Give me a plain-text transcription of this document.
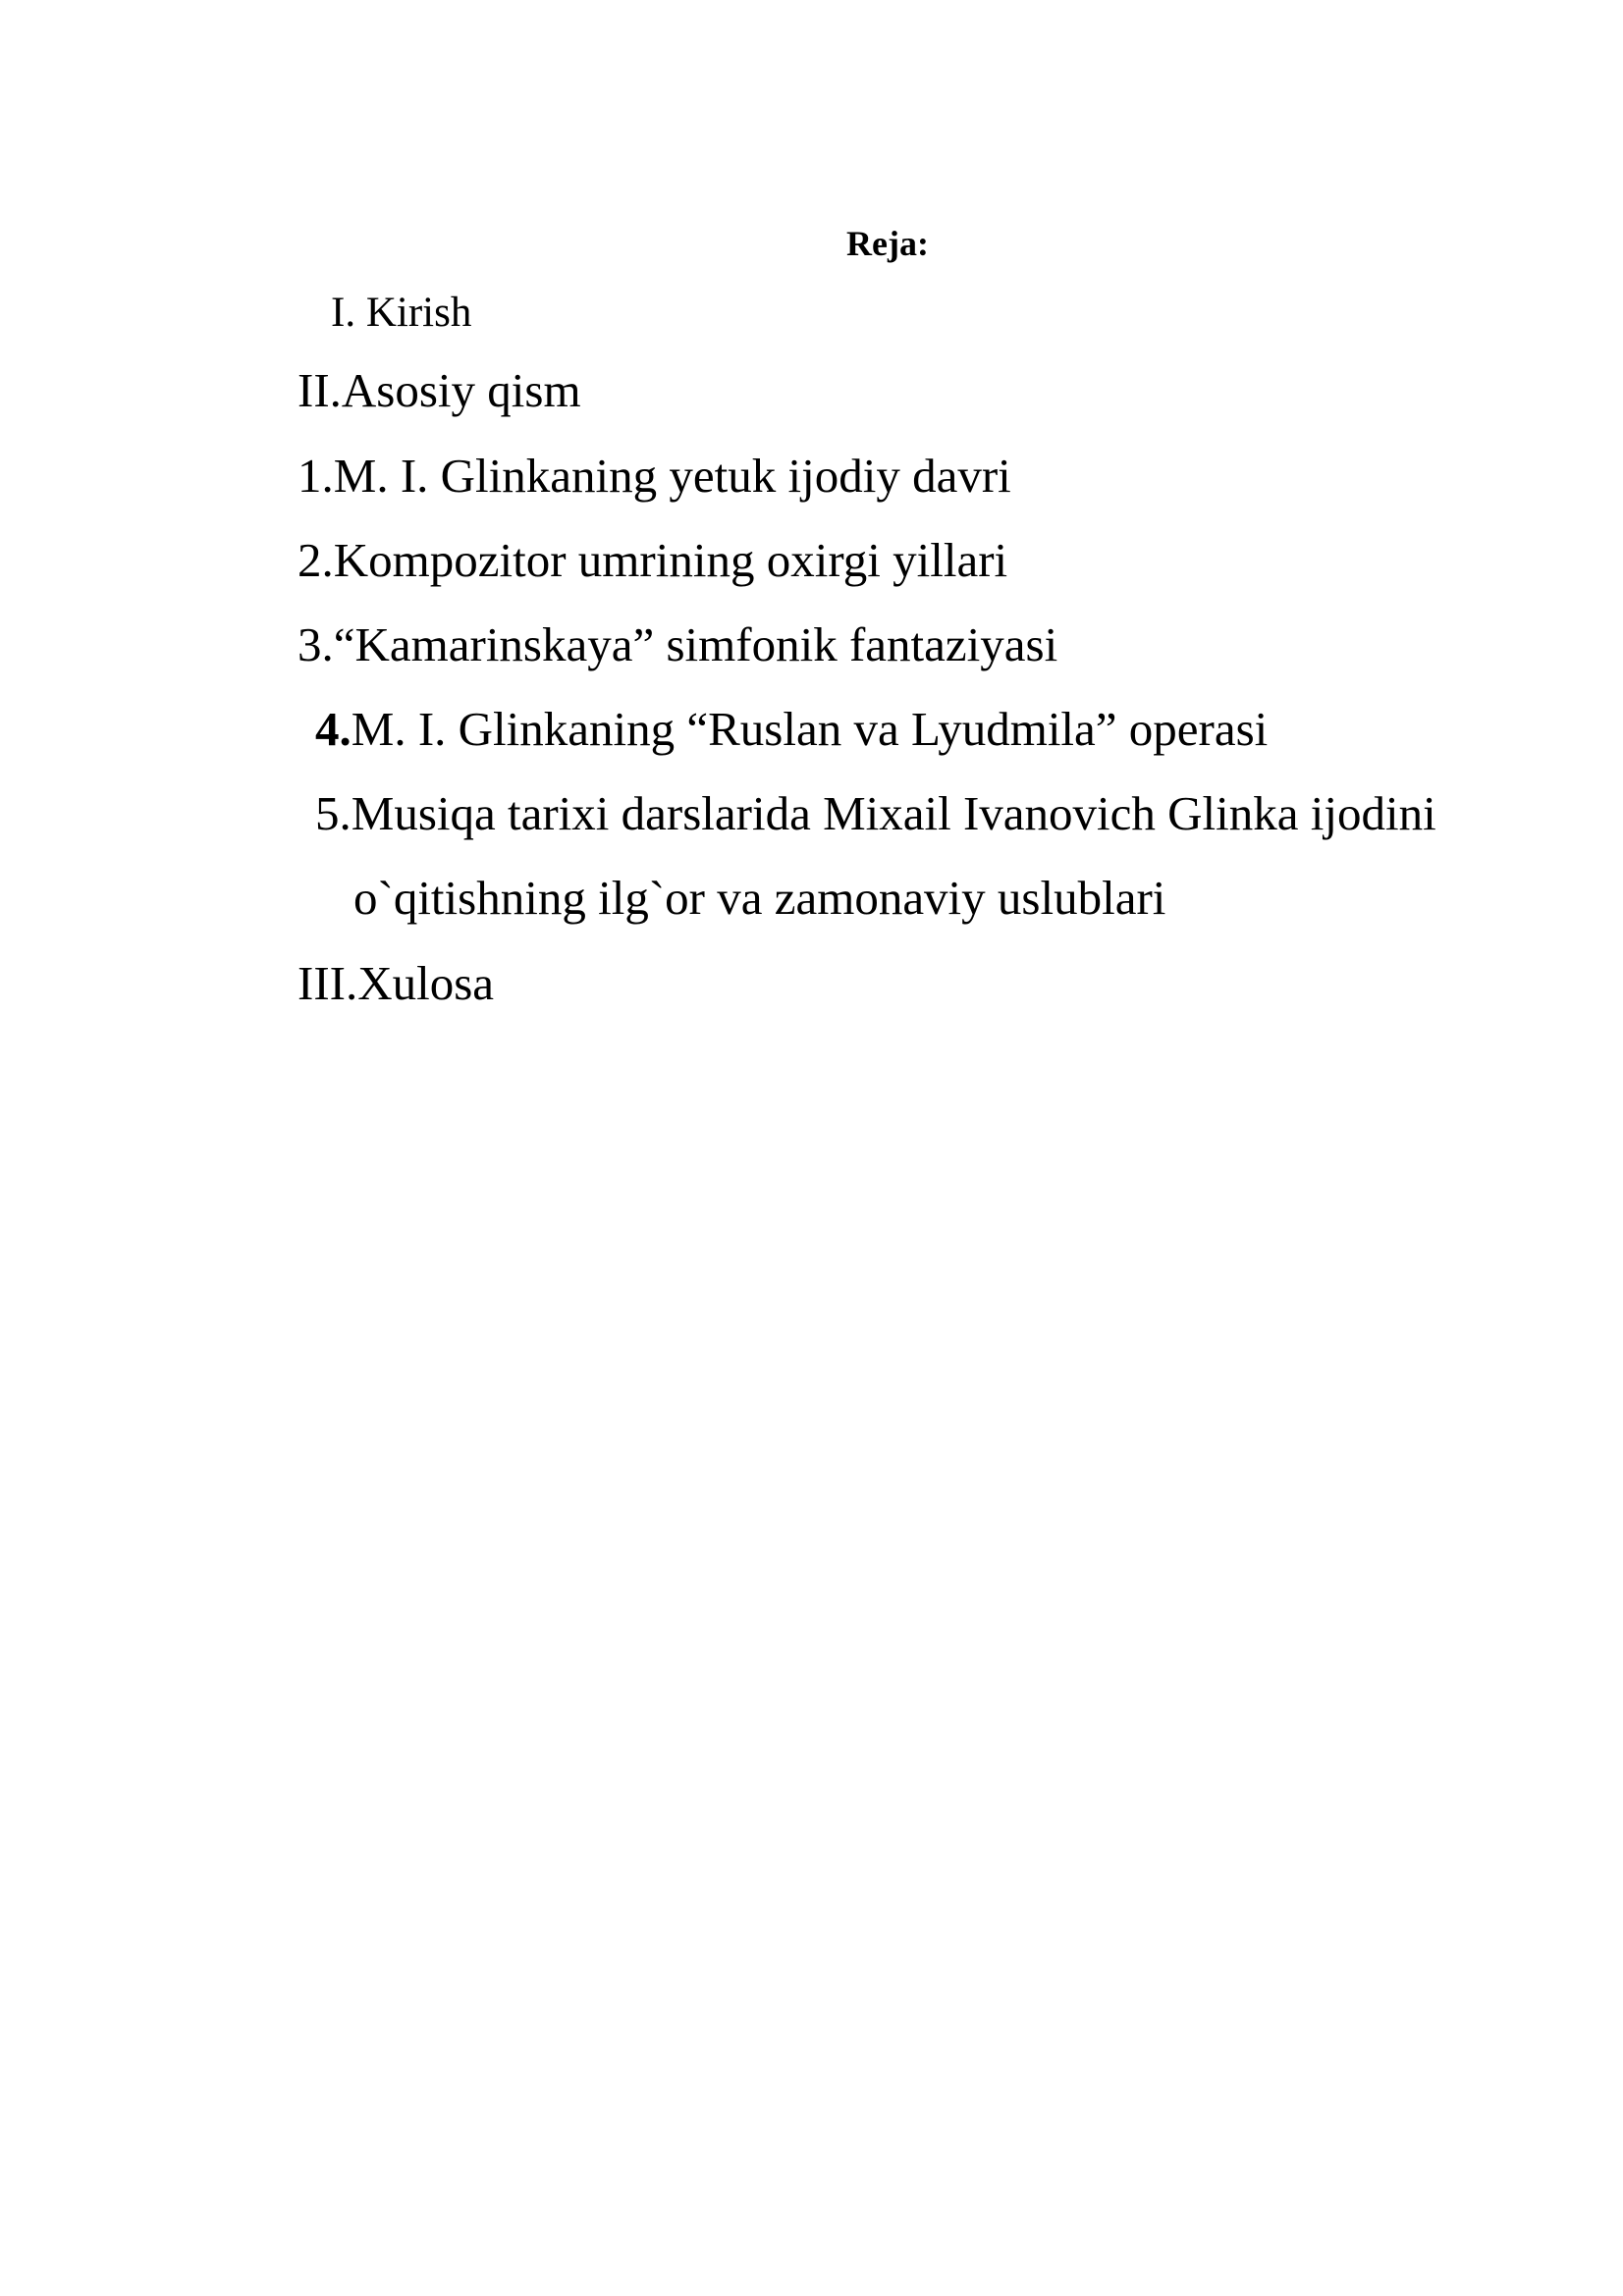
Reja:
I. Kirish
II.Asosiy qism
1.M. I. Glinkaning yetuk ijodiy davri
2.Kompozitor umrining oxirgi yillari
3.“Kamarinskaya” simfonik fantaziyasi
4.M. I. Glinkaning “Ruslan va Lyudmila” operasi
5.Musiqa tarixi darslarida Mixail Ivanovich Glinka ijodini
o`qitishning ilg`or va zamonaviy uslublari
III.Xulosa
